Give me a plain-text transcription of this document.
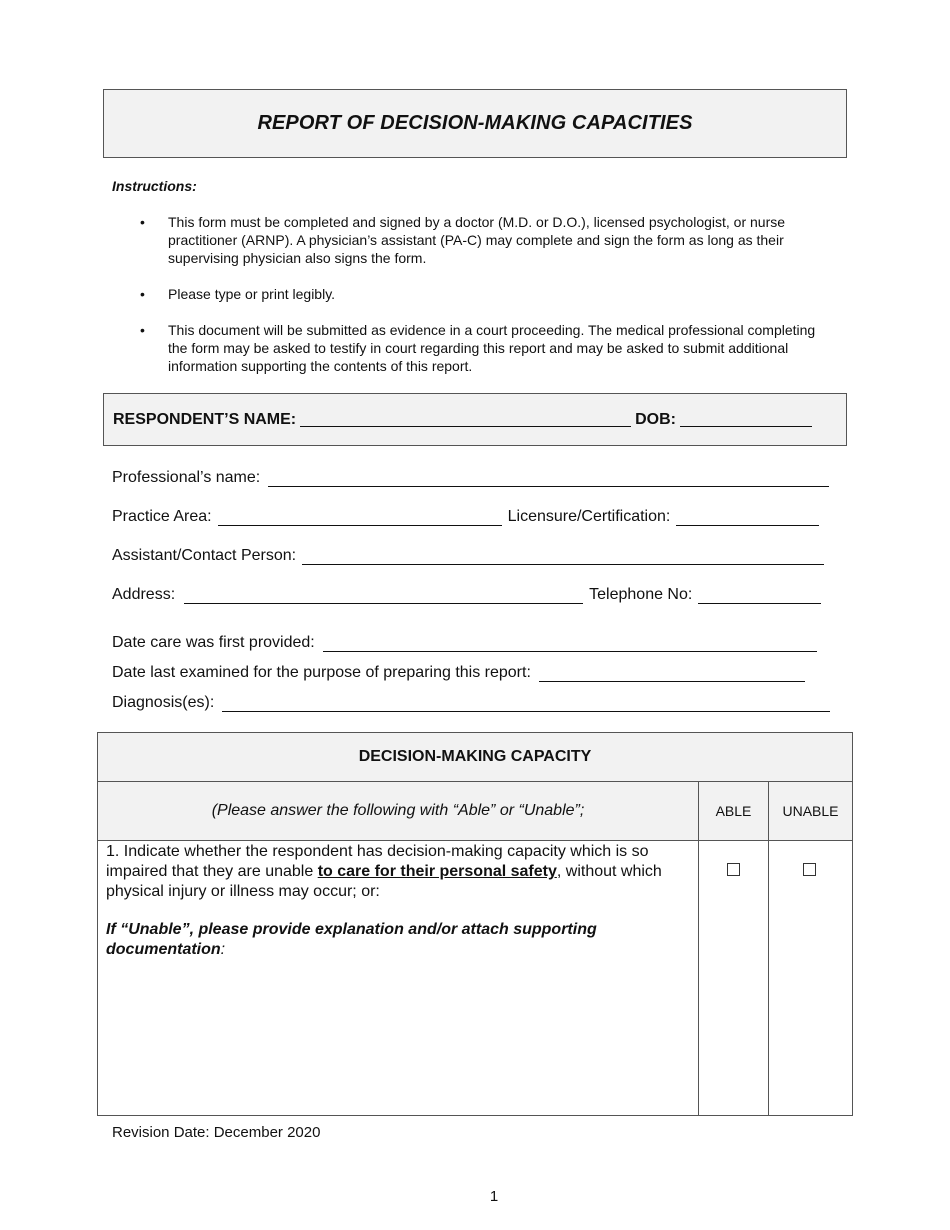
REPORT OF DECISION-MAKING CAPACITIES
Instructions:
• This form must be completed and signed by a doctor (M.D. or D.O.), licensed psychologist, or nurse practitioner (ARNP). A physician’s assistant (PA-C) may complete and sign the form as long as their supervising physician also signs the form.
• Please type or print legibly.
• This document will be submitted as evidence in a court proceeding. The medical professional completing the form may be asked to testify in court regarding this report and may be asked to submit additional information supporting the contents of this report.
RESPONDENT’S NAME:	DOB:
Professional’s name:
Practice Area:	Licensure/Certification:
Assistant/Contact Person:
Address:	Telephone No:
Date care was first provided:
Date last examined for the purpose of preparing this report:
Diagnosis(es):
DECISION-MAKING CAPACITY
(Please answer the following with “Able” or “Unable”;	ABLE	UNABLE

1. Indicate whether the respondent has decision-making capacity which is so impaired that they are unable to care for their personal safety, without which physical injury or illness may occur; or:

If “Unable”, please provide explanation and/or attach supporting documentation:

Revision Date: December 2020
1
